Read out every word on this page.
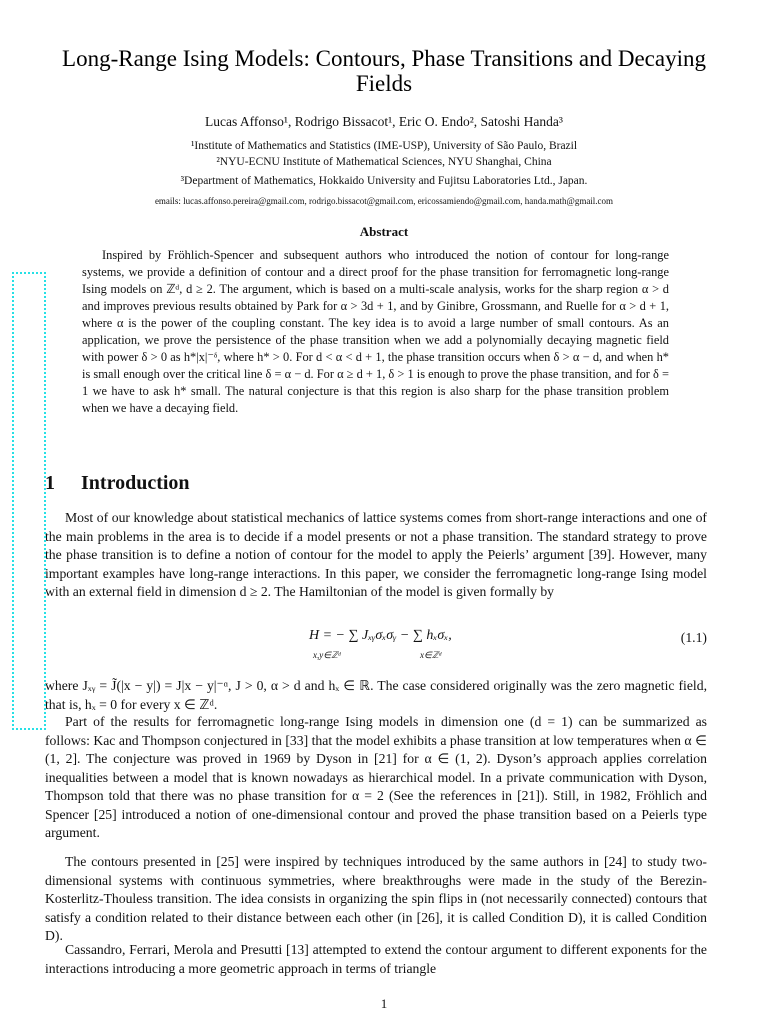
Long-Range Ising Models: Contours, Phase Transitions and Decaying Fields
Lucas Affonso¹, Rodrigo Bissacot¹, Eric O. Endo², Satoshi Handa³
¹Institute of Mathematics and Statistics (IME-USP), University of São Paulo, Brazil
²NYU-ECNU Institute of Mathematical Sciences, NYU Shanghai, China
³Department of Mathematics, Hokkaido University and Fujitsu Laboratories Ltd., Japan.
emails: lucas.affonso.pereira@gmail.com, rodrigo.bissacot@gmail.com, ericossamiendo@gmail.com, handa.math@gmail.com
Abstract

Inspired by Fröhlich-Spencer and subsequent authors who introduced the notion of contour for long-range systems, we provide a definition of contour and a direct proof for the phase transition for ferromagnetic long-range Ising models on ℤᵈ, d ≥ 2. The argument, which is based on a multi-scale analysis, works for the sharp region α > d and improves previous results obtained by Park for α > 3d + 1, and by Ginibre, Grossmann, and Ruelle for α > d + 1, where α is the power of the coupling constant. The key idea is to avoid a large number of small contours. As an application, we prove the persistence of the phase transition when we add a polynomially decaying magnetic field with power δ > 0 as h*|x|⁻ᵟ, where h* > 0. For d < α < d + 1, the phase transition occurs when δ > α − d, and when h* is small enough over the critical line δ = α − d. For α ≥ d + 1, δ > 1 is enough to prove the phase transition, and for δ = 1 we have to ask h* small. The natural conjecture is that this region is also sharp for the phase transition problem when we have a decaying field.

1 Introduction

Most of our knowledge about statistical mechanics of lattice systems comes from short-range interactions and one of the main problems in the area is to decide if a model presents or not a phase transition. The standard strategy to prove the phase transition is to define a notion of contour for the model to apply the Peierls’ argument [39]. However, many important examples have long-range interactions. In this paper, we consider the ferromagnetic long-range Ising model with an external field in dimension d ≥ 2. The Hamiltonian of the model is given formally by

H = − ∑ Jₓᵧσₓσᵧ − ∑ hₓσₓ,
x,y∈ℤᵈ	x∈ℤᵈ
(1.1)

where Jₓᵧ = J̃(|x − y|) = J|x − y|⁻ᵅ, J > 0, α > d and hₓ ∈ ℝ. The case considered originally was the zero magnetic field, that is, hₓ = 0 for every x ∈ ℤᵈ.

Part of the results for ferromagnetic long-range Ising models in dimension one (d = 1) can be summarized as follows: Kac and Thompson conjectured in [33] that the model exhibits a phase transition at low temperatures when α ∈ (1, 2]. The conjecture was proved in 1969 by Dyson in [21] for α ∈ (1, 2). Dyson’s approach applies correlation inequalities between a model that is known nowadays as hierarchical model. In a private communication with Dyson, Thompson told that there was no phase transition for α = 2 (See the references in [21]). Still, in 1982, Fröhlich and Spencer [25] introduced a notion of one-dimensional contour and proved the phase transition based on a Peierls type argument.

The contours presented in [25] were inspired by techniques introduced by the same authors in [24] to study two-dimensional systems with continuous symmetries, where breakthroughs were made in the study of the Berezin-Kosterlitz-Thouless transition. The idea consists in organizing the spin flips in (not necessarily connected) contours that satisfy a condition related to their distance between each other (in [26], it is called Condition D), it is called Condition D).

Cassandro, Ferrari, Merola and Presutti [13] attempted to extend the contour argument to different exponents for the interactions introducing a more geometric approach in terms of triangle

1
